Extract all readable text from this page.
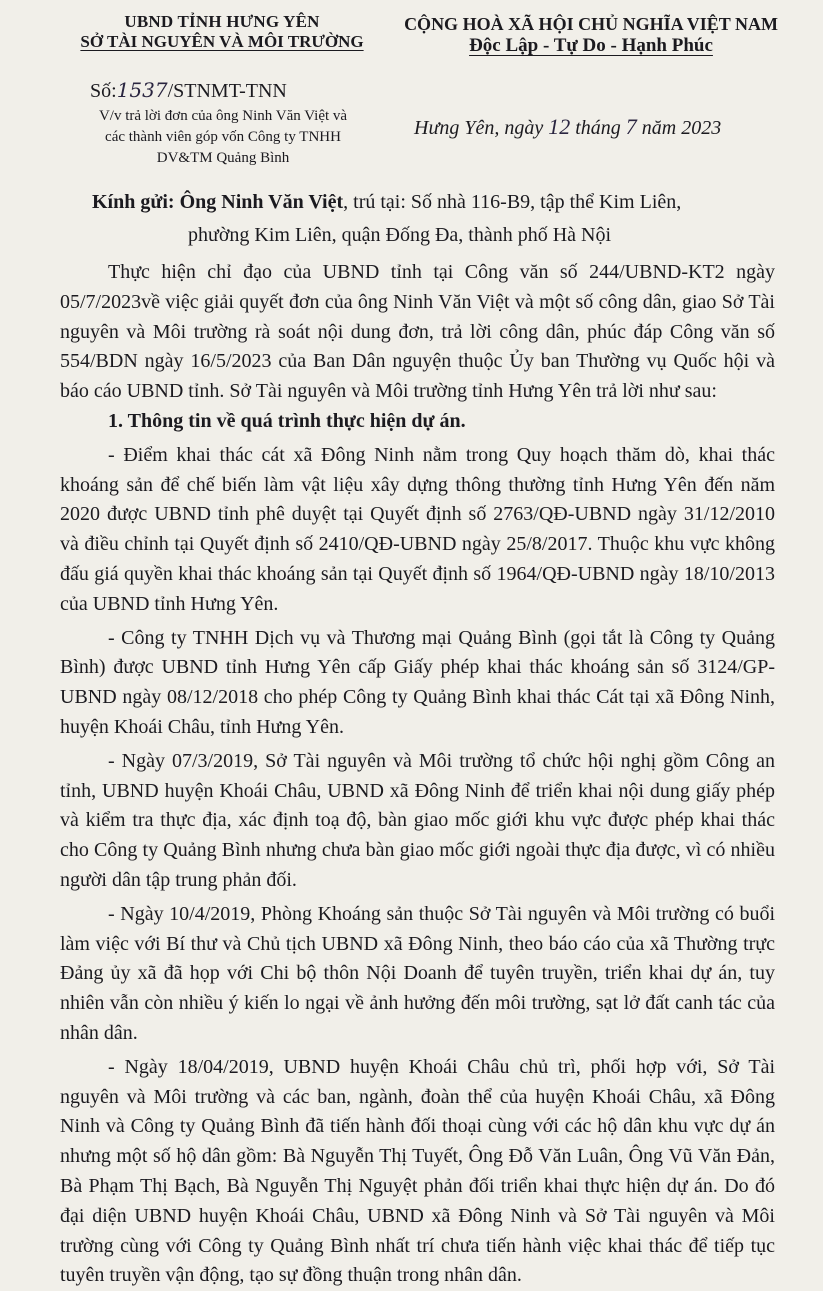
UBND TỈNH HƯNG YÊN
SỞ TÀI NGUYÊN VÀ MÔI TRƯỜNG
CỘNG HOÀ XÃ HỘI CHỦ NGHĨA VIỆT NAM
Độc Lập - Tự Do - Hạnh Phúc
Số:1537/STNMT-TNN
V/v trả lời đơn của ông Ninh Văn Việt và
các thành viên góp vốn Công ty TNHH
DV&TM Quảng Bình
Hưng Yên, ngày 12 tháng 7 năm 2023
Kính gửi: Ông Ninh Văn Việt, trú tại: Số nhà 116-B9, tập thể Kim Liên,
phường Kim Liên, quận Đống Đa, thành phố Hà Nội

Thực hiện chỉ đạo của UBND tỉnh tại Công văn số 244/UBND-KT2 ngày 05/7/2023về việc giải quyết đơn của ông Ninh Văn Việt và một số công dân, giao Sở Tài nguyên và Môi trường rà soát nội dung đơn, trả lời công dân, phúc đáp Công văn số 554/BDN ngày 16/5/2023 của Ban Dân nguyện thuộc Ủy ban Thường vụ Quốc hội và báo cáo UBND tỉnh. Sở Tài nguyên và Môi trường tỉnh Hưng Yên trả lời như sau:

1. Thông tin về quá trình thực hiện dự án.

- Điểm khai thác cát xã Đông Ninh nằm trong Quy hoạch thăm dò, khai thác khoáng sản để chế biến làm vật liệu xây dựng thông thường tỉnh Hưng Yên đến năm 2020 được UBND tỉnh phê duyệt tại Quyết định số 2763/QĐ-UBND ngày 31/12/2010 và điều chỉnh tại Quyết định số 2410/QĐ-UBND ngày 25/8/2017. Thuộc khu vực không đấu giá quyền khai thác khoáng sản tại Quyết định số 1964/QĐ-UBND ngày 18/10/2013 của UBND tỉnh Hưng Yên.

- Công ty TNHH Dịch vụ và Thương mại Quảng Bình (gọi tắt là Công ty Quảng Bình) được UBND tỉnh Hưng Yên cấp Giấy phép khai thác khoáng sản số 3124/GP-UBND ngày 08/12/2018 cho phép Công ty Quảng Bình khai thác Cát tại xã Đông Ninh, huyện Khoái Châu, tỉnh Hưng Yên.

- Ngày 07/3/2019, Sở Tài nguyên và Môi trường tổ chức hội nghị gồm Công an tỉnh, UBND huyện Khoái Châu, UBND xã Đông Ninh để triển khai nội dung giấy phép và kiểm tra thực địa, xác định toạ độ, bàn giao mốc giới khu vực được phép khai thác cho Công ty Quảng Bình nhưng chưa bàn giao mốc giới ngoài thực địa được, vì có nhiều người dân tập trung phản đối.

- Ngày 10/4/2019, Phòng Khoáng sản thuộc Sở Tài nguyên và Môi trường có buổi làm việc với Bí thư và Chủ tịch UBND xã Đông Ninh, theo báo cáo của xã Thường trực Đảng ủy xã đã họp với Chi bộ thôn Nội Doanh để tuyên truyền, triển khai dự án, tuy nhiên vẫn còn nhiều ý kiến lo ngại về ảnh hưởng đến môi trường, sạt lở đất canh tác của nhân dân.

- Ngày 18/04/2019, UBND huyện Khoái Châu chủ trì, phối hợp với, Sở Tài nguyên và Môi trường và các ban, ngành, đoàn thể của huyện Khoái Châu, xã Đông Ninh và Công ty Quảng Bình đã tiến hành đối thoại cùng với các hộ dân khu vực dự án nhưng một số hộ dân gồm: Bà Nguyễn Thị Tuyết, Ông Đỗ Văn Luân, Ông Vũ Văn Đản, Bà Phạm Thị Bạch, Bà Nguyễn Thị Nguyệt phản đối triển khai thực hiện dự án. Do đó đại diện UBND huyện Khoái Châu, UBND xã Đông Ninh và Sở Tài nguyên và Môi trường cùng với Công ty Quảng Bình nhất trí chưa tiến hành việc khai thác để tiếp tục tuyên truyền vận động, tạo sự đồng thuận trong nhân dân.
